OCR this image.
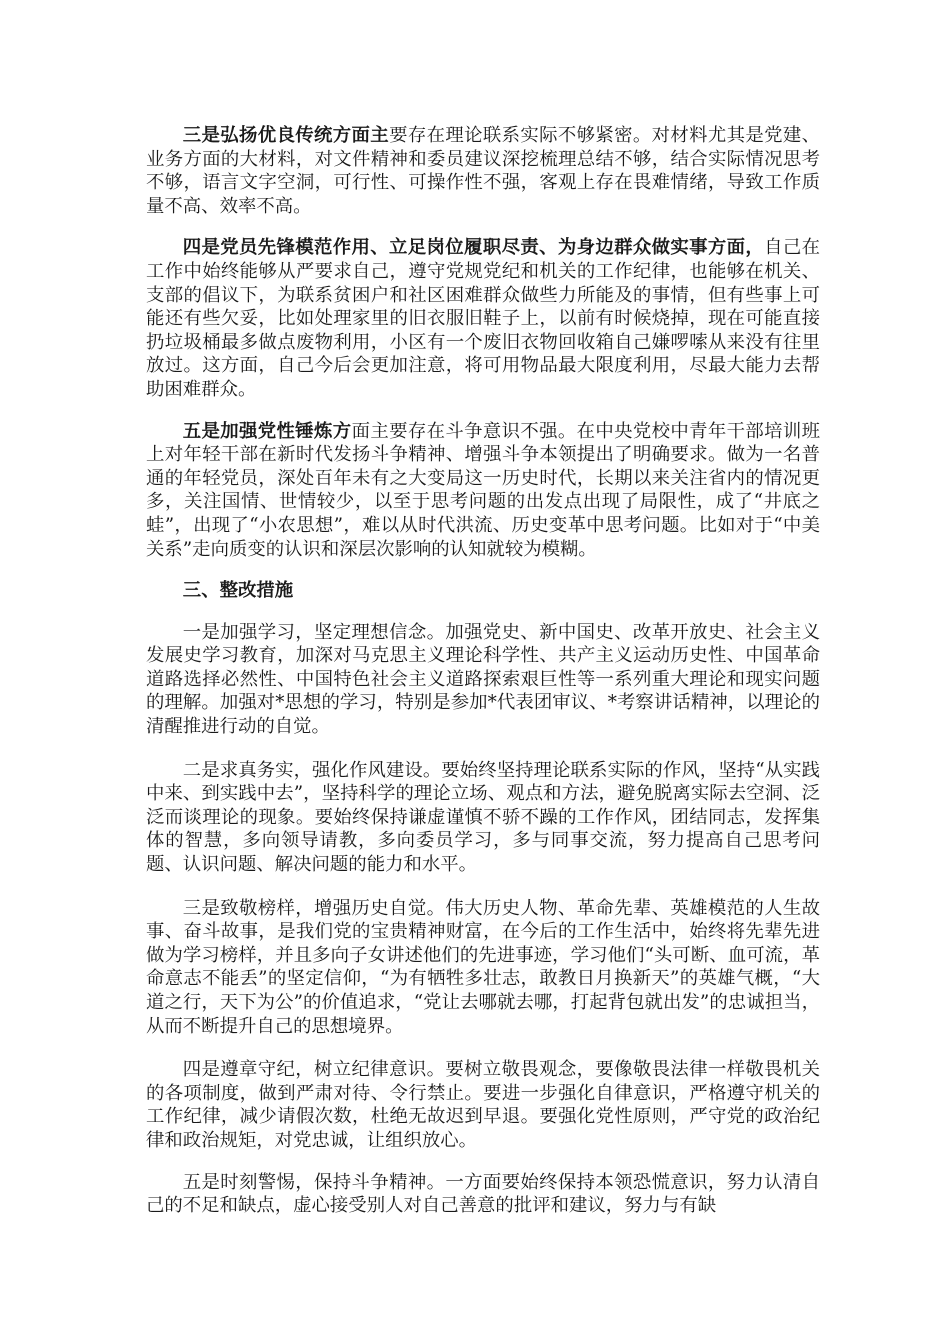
三是弘扬优良传统方面主要存在理论联系实际不够紧密。对材料尤其是党建、业务方面的大材料，对文件精神和委员建议深挖梳理总结不够，结合实际情况思考不够，语言文字空洞，可行性、可操作性不强，客观上存在畏难情绪，导致工作质量不高、效率不高。

四是党员先锋模范作用、立足岗位履职尽责、为身边群众做实事方面，自己在工作中始终能够从严要求自己，遵守党规党纪和机关的工作纪律，也能够在机关、支部的倡议下，为联系贫困户和社区困难群众做些力所能及的事情，但有些事上可能还有些欠妥，比如处理家里的旧衣服旧鞋子上，以前有时候烧掉，现在可能直接扔垃圾桶最多做点废物利用，小区有一个废旧衣物回收箱自己嫌啰嗦从来没有往里放过。这方面，自己今后会更加注意，将可用物品最大限度利用，尽最大能力去帮助困难群众。

五是加强党性锤炼方面主要存在斗争意识不强。在中央党校中青年干部培训班上对年轻干部在新时代发扬斗争精神、增强斗争本领提出了明确要求。做为一名普通的年轻党员，深处百年未有之大变局这一历史时代，长期以来关注省内的情况更多，关注国情、世情较少，以至于思考问题的出发点出现了局限性，成了“井底之蛙”，出现了“小农思想”，难以从时代洪流、历史变革中思考问题。比如对于“中美关系”走向质变的认识和深层次影响的认知就较为模糊。

三、整改措施

一是加强学习，坚定理想信念。加强党史、新中国史、改革开放史、社会主义发展史学习教育，加深对马克思主义理论科学性、共产主义运动历史性、中国革命道路选择必然性、中国特色社会主义道路探索艰巨性等一系列重大理论和现实问题的理解。加强对*思想的学习，特别是参加*代表团审议、*考察讲话精神，以理论的清醒推进行动的自觉。

二是求真务实，强化作风建设。要始终坚持理论联系实际的作风，坚持“从实践中来、到实践中去”，坚持科学的理论立场、观点和方法，避免脱离实际去空洞、泛泛而谈理论的现象。要始终保持谦虚谨慎不骄不躁的工作作风，团结同志，发挥集体的智慧，多向领导请教，多向委员学习，多与同事交流，努力提高自己思考问题、认识问题、解决问题的能力和水平。

三是致敬榜样，增强历史自觉。伟大历史人物、革命先辈、英雄模范的人生故事、奋斗故事，是我们党的宝贵精神财富，在今后的工作生活中，始终将先辈先进做为学习榜样，并且多向子女讲述他们的先进事迹，学习他们“头可断、血可流，革命意志不能丢”的坚定信仰，“为有牺牲多壮志，敢教日月换新天”的英雄气概，“大道之行，天下为公”的价值追求，“党让去哪就去哪，打起背包就出发”的忠诚担当，从而不断提升自己的思想境界。

四是遵章守纪，树立纪律意识。要树立敬畏观念，要像敬畏法律一样敬畏机关的各项制度，做到严肃对待、令行禁止。要进一步强化自律意识，严格遵守机关的工作纪律，减少请假次数，杜绝无故迟到早退。要强化党性原则，严守党的政治纪律和政治规矩，对党忠诚，让组织放心。

五是时刻警惕，保持斗争精神。一方面要始终保持本领恐慌意识，努力认清自己的不足和缺点，虚心接受别人对自己善意的批评和建议，努力与有缺
